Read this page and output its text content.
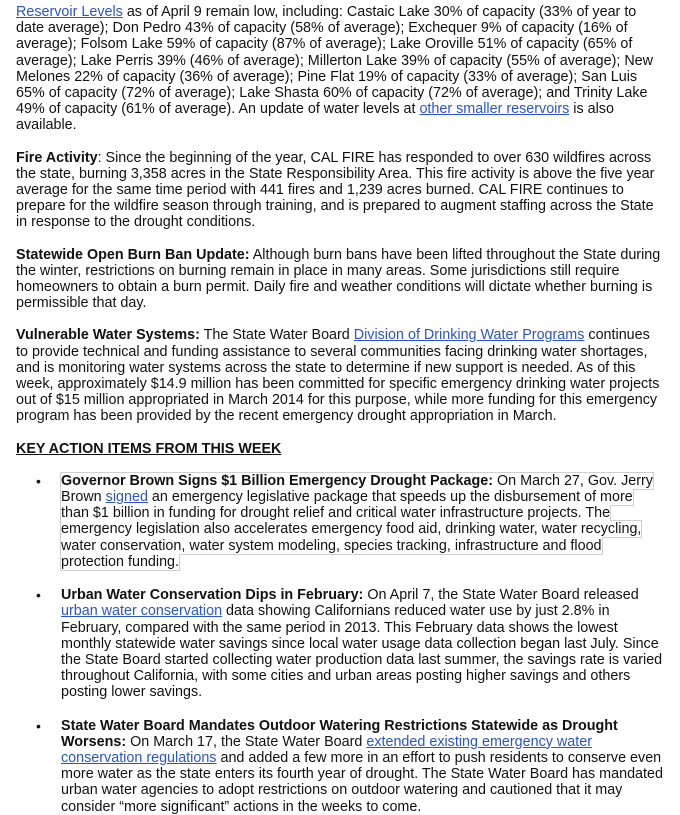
Reservoir Levels as of April 9 remain low, including: Castaic Lake 30% of capacity (33% of year to date average); Don Pedro 43% of capacity (58% of average); Exchequer 9% of capacity (16% of average); Folsom Lake 59% of capacity (87% of average); Lake Oroville 51% of capacity (65% of average); Lake Perris 39% (46% of average); Millerton Lake 39% of capacity (55% of average); New Melones 22% of capacity (36% of average); Pine Flat 19% of capacity (33% of average); San Luis 65% of capacity (72% of average); Lake Shasta 60% of capacity (72% of average); and Trinity Lake 49% of capacity (61% of average). An update of water levels at other smaller reservoirs is also available.

Fire Activity: Since the beginning of the year, CAL FIRE has responded to over 630 wildfires across the state, burning 3,358 acres in the State Responsibility Area. This fire activity is above the five year average for the same time period with 441 fires and 1,239 acres burned. CAL FIRE continues to prepare for the wildfire season through training, and is prepared to augment staffing across the State in response to the drought conditions.

Statewide Open Burn Ban Update: Although burn bans have been lifted throughout the State during the winter, restrictions on burning remain in place in many areas. Some jurisdictions still require homeowners to obtain a burn permit. Daily fire and weather conditions will dictate whether burning is permissible that day.

Vulnerable Water Systems: The State Water Board Division of Drinking Water Programs continues to provide technical and funding assistance to several communities facing drinking water shortages, and is monitoring water systems across the state to determine if new support is needed. As of this week, approximately $14.9 million has been committed for specific emergency drinking water projects out of $15 million appropriated in March 2014 for this purpose, while more funding for this emergency program has been provided by the recent emergency drought appropriation in March.

KEY ACTION ITEMS FROM THIS WEEK
• Governor Brown Signs $1 Billion Emergency Drought Package: On March 27, Gov. Jerry Brown signed an emergency legislative package that speeds up the disbursement of more than $1 billion in funding for drought relief and critical water infrastructure projects. The emergency legislation also accelerates emergency food aid, drinking water, water recycling, water conservation, water system modeling, species tracking, infrastructure and flood protection funding.
• Urban Water Conservation Dips in February: On April 7, the State Water Board released urban water conservation data showing Californians reduced water use by just 2.8% in February, compared with the same period in 2013. This February data shows the lowest monthly statewide water savings since local water usage data collection began last July. Since the State Board started collecting water production data last summer, the savings rate is varied throughout California, with some cities and urban areas posting higher savings and others posting lower savings.
• State Water Board Mandates Outdoor Watering Restrictions Statewide as Drought Worsens: On March 17, the State Water Board extended existing emergency water conservation regulations and added a few more in an effort to push residents to conserve even more water as the state enters its fourth year of drought. The State Water Board has mandated urban water agencies to adopt restrictions on outdoor watering and cautioned that it may consider “more significant” actions in the weeks to come.
